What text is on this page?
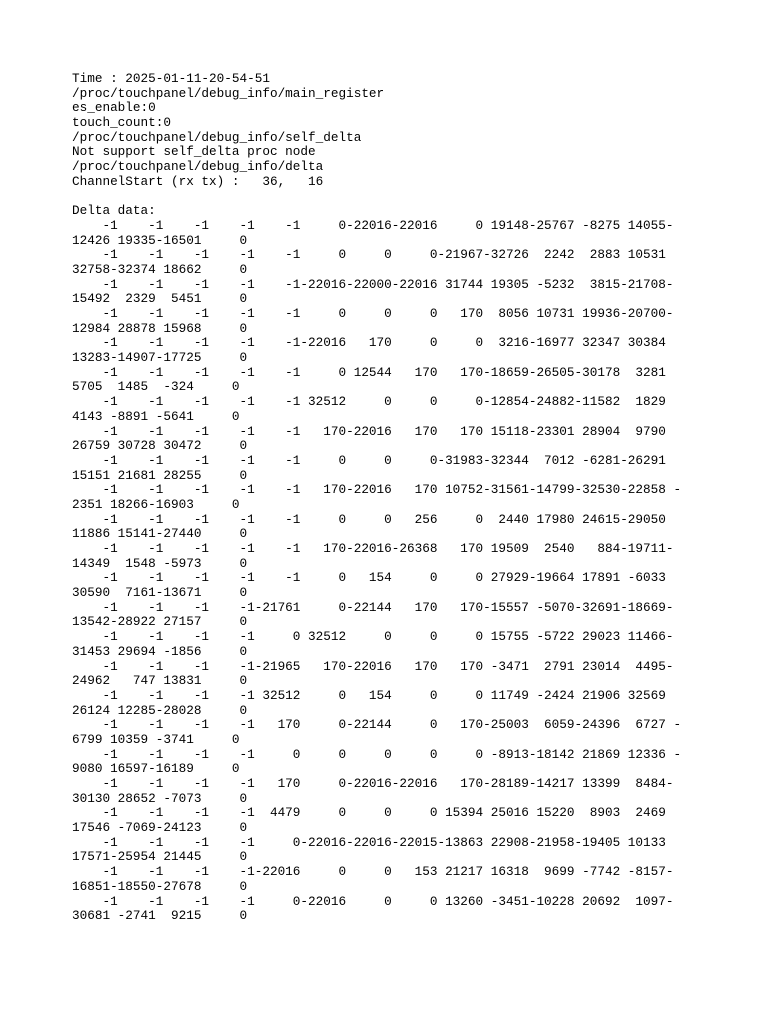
Time : 2025-01-11-20-54-51
/proc/touchpanel/debug_info/main_register
es_enable:0
touch_count:0
/proc/touchpanel/debug_info/self_delta
Not support self_delta proc node
/proc/touchpanel/debug_info/delta
ChannelStart (rx tx) :   36,   16
Delta data:
-1    -1    -1    -1    -1     0-22016-22016     0 19148-25767 -8275 14055-
12426 19335-16501     0
-1    -1    -1    -1    -1     0     0     0-21967-32726  2242  2883 10531
32758-32374 18662     0
-1    -1    -1    -1    -1-22016-22000-22016 31744 19305 -5232  3815-21708-
15492  2329  5451     0
-1    -1    -1    -1    -1     0     0     0   170  8056 10731 19936-20700-
12984 28878 15968     0
-1    -1    -1    -1    -1-22016   170     0     0  3216-16977 32347 30384
13283-14907-17725     0
-1    -1    -1    -1    -1     0 12544   170   170-18659-26505-30178  3281
5705  1485  -324     0
-1    -1    -1    -1    -1 32512     0     0     0-12854-24882-11582  1829
4143 -8891 -5641     0
-1    -1    -1    -1    -1   170-22016   170   170 15118-23301 28904  9790
26759 30728 30472     0
-1    -1    -1    -1    -1     0     0     0-31983-32344  7012 -6281-26291
15151 21681 28255     0
-1    -1    -1    -1    -1   170-22016   170 10752-31561-14799-32530-22858 -
2351 18266-16903     0
-1    -1    -1    -1    -1     0     0   256     0  2440 17980 24615-29050
11886 15141-27440     0
-1    -1    -1    -1    -1   170-22016-26368   170 19509  2540   884-19711-
14349  1548 -5973     0
-1    -1    -1    -1    -1     0   154     0     0 27929-19664 17891 -6033
30590  7161-13671     0
-1    -1    -1    -1-21761     0-22144   170   170-15557 -5070-32691-18669-
13542-28922 27157     0
-1    -1    -1    -1     0 32512     0     0     0 15755 -5722 29023 11466-
31453 29694 -1856     0
-1    -1    -1    -1-21965   170-22016   170   170 -3471  2791 23014  4495-
24962   747 13831     0
-1    -1    -1    -1 32512     0   154     0     0 11749 -2424 21906 32569
26124 12285-28028     0
-1    -1    -1    -1   170     0-22144     0   170-25003  6059-24396  6727 -
6799 10359 -3741     0
-1    -1    -1    -1     0     0     0     0     0 -8913-18142 21869 12336 -
9080 16597-16189     0
-1    -1    -1    -1   170     0-22016-22016   170-28189-14217 13399  8484-
30130 28652 -7073     0
-1    -1    -1    -1  4479     0     0     0 15394 25016 15220  8903  2469
17546 -7069-24123     0
-1    -1    -1    -1     0-22016-22016-22015-13863 22908-21958-19405 10133
17571-25954 21445     0
-1    -1    -1    -1-22016     0     0   153 21217 16318  9699 -7742 -8157-
16851-18550-27678     0
-1    -1    -1    -1     0-22016     0     0 13260 -3451-10228 20692  1097-
30681 -2741  9215     0
